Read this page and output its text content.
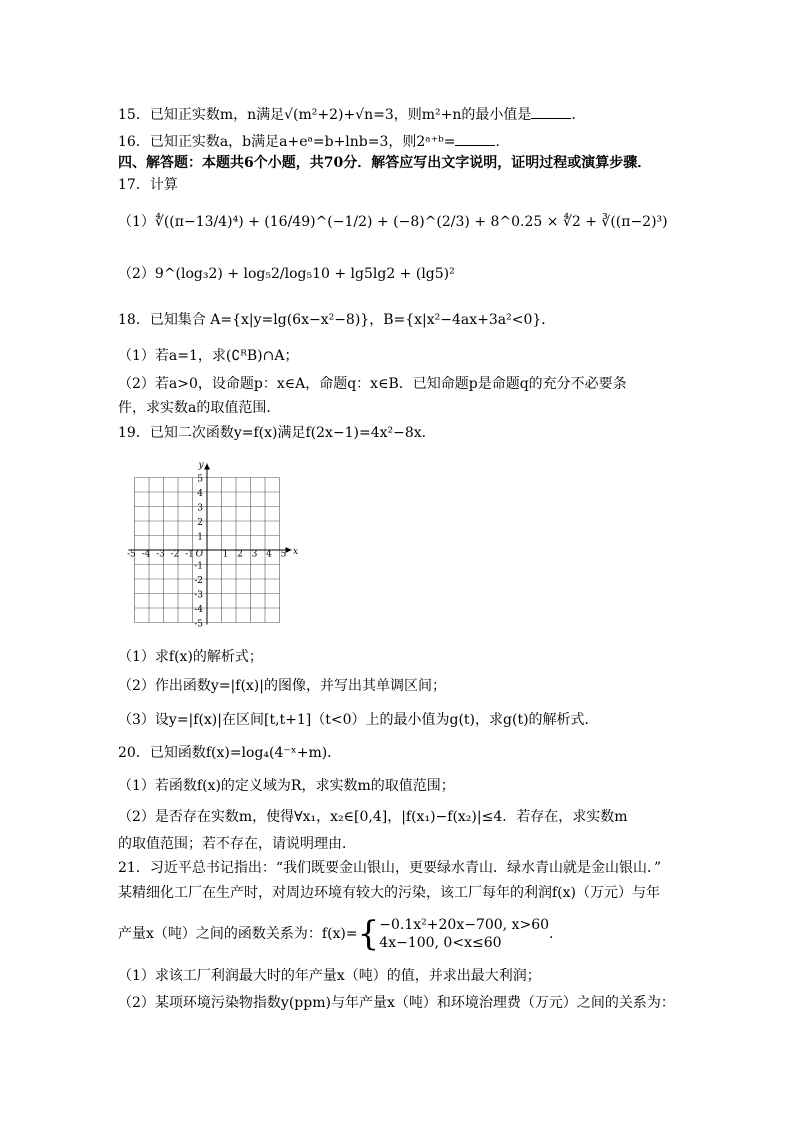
15．已知正实数m，n满足√(m²+2)+√n=3，则m²+n的最小值是	.
16．已知正实数a，b满足a+eᵃ=b+lnb=3，则2ᵃ⁺ᵇ=	.
四、解答题：本题共6个小题，共70分．解答应写出文字说明，证明过程或演算步骤．
17．计算
（1）∜((π−13/4)⁴) + (16/49)^(−1/2) + (−8)^(2/3) + 8^0.25 × ∜2 + ∛((π−2)³)
（2）9^(log₃2) + log₅2/log₅10 + lg5lg2 + (lg5)²
18．已知集合 A={x|y=lg(6x−x²−8)}，B={x|x²−4ax+3a²<0}．
（1）若a=1，求(∁ᴿB)∩A；
（2）若a>0，设命题p：x∈A，命题q：x∈B．已知命题p是命题q的充分不必要条
件，求实数a的取值范围．
19．已知二次函数y=f(x)满足f(2x−1)=4x²−8x．
-5 -4 -3 -2 -1	1 2 3 4 5
5
4
3
2
1
-1
-2
-3
-4
-5
O	x
y
（1）求f(x)的解析式；
（2）作出函数y=|f(x)|的图像，并写出其单调区间；
（3）设y=|f(x)|在区间[t,t+1]（t<0）上的最小值为g(t)，求g(t)的解析式．
20．已知函数f(x)=log₄(4⁻ˣ+m)．
（1）若函数f(x)的定义域为R，求实数m的取值范围；
（2）是否存在实数m，使得∀x₁，x₂∈[0,4]，|f(x₁)−f(x₂)|≤4．若存在，求实数m
的取值范围；若不存在，请说明理由．
21．习近平总书记指出：“我们既要金山银山，更要绿水青山．绿水青山就是金山银山．”
某精细化工厂在生产时，对周边环境有较大的污染，该工厂每年的利润f(x)（万元）与年
产量x（吨）之间的函数关系为：f(x)={ −0.1x²+20x−700, x>60
4x−100, 0<x≤60
.
（1）求该工厂利润最大时的年产量x（吨）的值，并求出最大利润；
（2）某项环境污染物指数y(ppm)与年产量x（吨）和环境治理费（万元）之间的关系为：
